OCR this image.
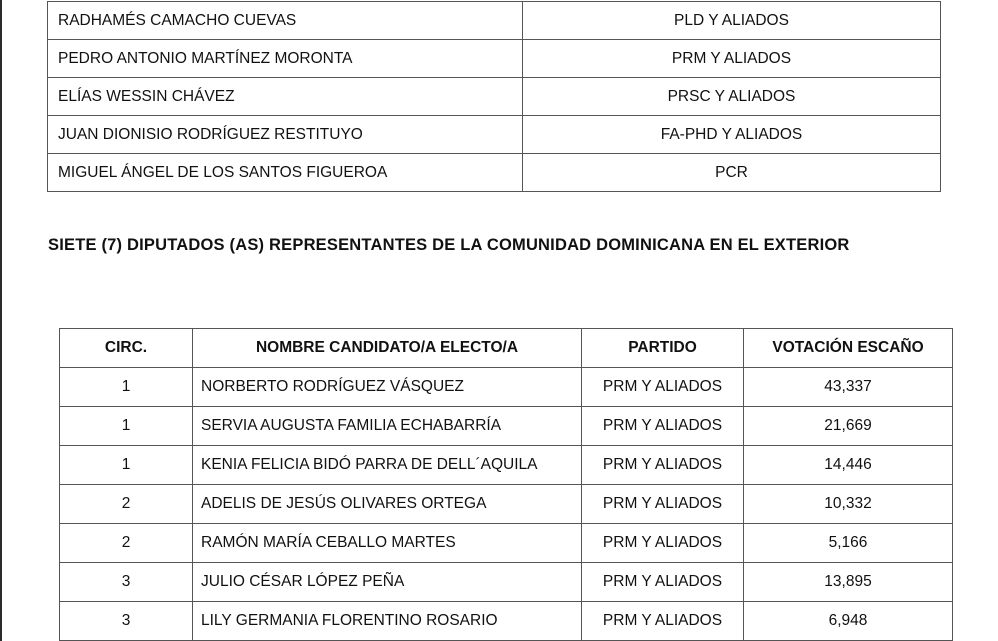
RADHAMÉS CAMACHO CUEVAS	PLD Y ALIADOS
PEDRO ANTONIO MARTÍNEZ MORONTA	PRM Y ALIADOS
ELÍAS WESSIN CHÁVEZ	PRSC Y ALIADOS
JUAN DIONISIO RODRÍGUEZ RESTITUYO	FA-PHD Y ALIADOS
MIGUEL ÁNGEL DE LOS SANTOS FIGUEROA	PCR
SIETE (7) DIPUTADOS (AS) REPRESENTANTES DE LA COMUNIDAD DOMINICANA EN EL EXTERIOR
CIRC.	NOMBRE CANDIDATO/A ELECTO/A	PARTIDO	VOTACIÓN ESCAÑO
1	NORBERTO RODRÍGUEZ VÁSQUEZ	PRM Y ALIADOS	43,337
1	SERVIA AUGUSTA FAMILIA ECHABARRÍA	PRM Y ALIADOS	21,669
1	KENIA FELICIA BIDÓ PARRA DE DELL´AQUILA	PRM Y ALIADOS	14,446
2	ADELIS DE JESÚS OLIVARES ORTEGA	PRM Y ALIADOS	10,332
2	RAMÓN MARÍA CEBALLO MARTES	PRM Y ALIADOS	5,166
3	JULIO CÉSAR LÓPEZ PEÑA	PRM Y ALIADOS	13,895
3	LILY GERMANIA FLORENTINO ROSARIO	PRM Y ALIADOS	6,948
